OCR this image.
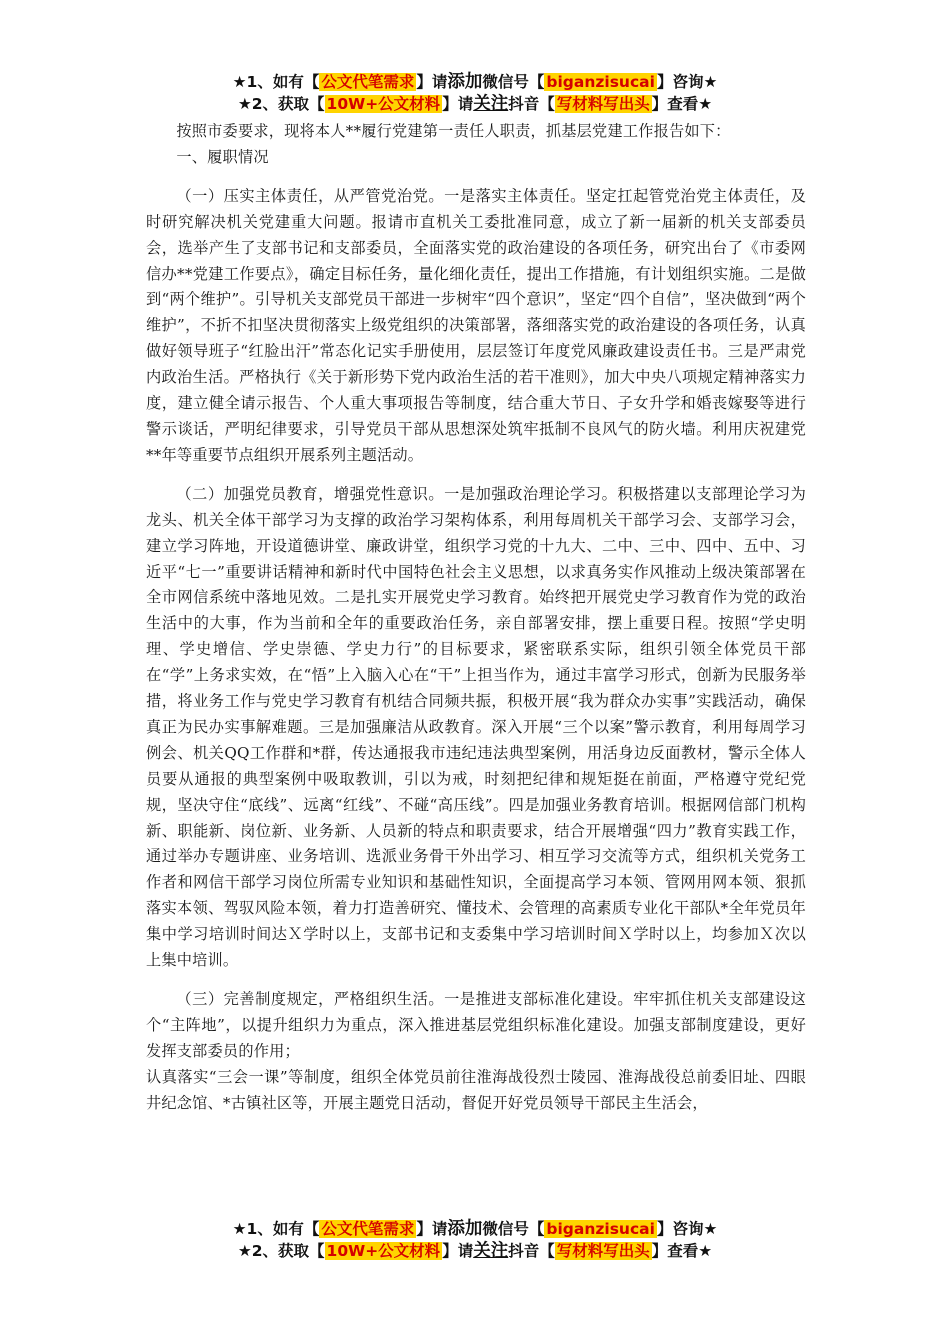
★1、如有【 公文代笔需求 】请添加微信号【 biganzisucai 】咨询★
★2、获取【 10W+公文材料 】请关注抖音【 写材料写出头 】查看★

按照市委要求，现将本人**履行党建第一责任人职责，抓基层党建工作报告如下：

一、履职情况

（一）压实主体责任，从严管党治党。一是落实主体责任。坚定扛起管党治党主体责任，及时研究解决机关党建重大问题。报请市直机关工委批准同意，成立了新一届新的机关支部委员会，选举产生了支部书记和支部委员，全面落实党的政治建设的各项任务，研究出台了《市委网信办**党建工作要点》，确定目标任务，量化细化责任，提出工作措施，有计划组织实施。二是做到“两个维护”。引导机关支部党员干部进一步树牢“四个意识”，坚定“四个自信”，坚决做到“两个维护”，不折不扣坚决贯彻落实上级党组织的决策部署，落细落实党的政治建设的各项任务，认真做好领导班子“红脸出汗”常态化记实手册使用，层层签订年度党风廉政建设责任书。三是严肃党内政治生活。严格执行《关于新形势下党内政治生活的若干准则》，加大中央八项规定精神落实力度，建立健全请示报告、个人重大事项报告等制度，结合重大节日、子女升学和婚丧嫁娶等进行警示谈话，严明纪律要求，引导党员干部从思想深处筑牢抵制不良风气的防火墙。利用庆祝建党**年等重要节点组织开展系列主题活动。

（二）加强党员教育，增强党性意识。一是加强政治理论学习。积极搭建以支部理论学习为龙头、机关全体干部学习为支撑的政治学习架构体系，利用每周机关干部学习会、支部学习会，建立学习阵地，开设道德讲堂、廉政讲堂，组织学习党的十九大、二中、三中、四中、五中、习近平“七一”重要讲话精神和新时代中国特色社会主义思想，以求真务实作风推动上级决策部署在全市网信系统中落地见效。二是扎实开展党史学习教育。始终把开展党史学习教育作为党的政治生活中的大事，作为当前和全年的重要政治任务，亲自部署安排，摆上重要日程。按照“学史明理、学史增信、学史崇德、学史力行”的目标要求，紧密联系实际，组织引领全体党员干部在“学”上务求实效，在“悟”上入脑入心在“干”上担当作为，通过丰富学习形式，创新为民服务举措，将业务工作与党史学习教育有机结合同频共振，积极开展“我为群众办实事”实践活动，确保真正为民办实事解难题。三是加强廉洁从政教育。深入开展“三个以案”警示教育，利用每周学习例会、机关QQ工作群和*群，传达通报我市违纪违法典型案例，用活身边反面教材，警示全体人员要从通报的典型案例中吸取教训，引以为戒，时刻把纪律和规矩挺在前面，严格遵守党纪党规，坚决守住“底线”、远离“红线”、不碰“高压线”。四是加强业务教育培训。根据网信部门机构新、职能新、岗位新、业务新、人员新的特点和职责要求，结合开展增强“四力”教育实践工作，通过举办专题讲座、业务培训、选派业务骨干外出学习、相互学习交流等方式，组织机关党务工作者和网信干部学习岗位所需专业知识和基础性知识，全面提高学习本领、管网用网本领、狠抓落实本领、驾驭风险本领，着力打造善研究、懂技术、会管理的高素质专业化干部队*全年党员年集中学习培训时间达Ｘ学时以上，支部书记和支委集中学习培训时间Ｘ学时以上，均参加Ｘ次以上集中培训。

（三）完善制度规定，严格组织生活。一是推进支部标准化建设。牢牢抓住机关支部建设这个“主阵地”，以提升组织力为重点，深入推进基层党组织标准化建设。加强支部制度建设，更好发挥支部委员的作用；

认真落实“三会一课”等制度，组织全体党员前往淮海战役烈士陵园、淮海战役总前委旧址、四眼井纪念馆、*古镇社区等，开展主题党日活动，督促开好党员领导干部民主生活会，

★1、如有【 公文代笔需求 】请添加微信号【 biganzisucai 】咨询★
★2、获取【 10W+公文材料 】请关注抖音【 写材料写出头 】查看★
